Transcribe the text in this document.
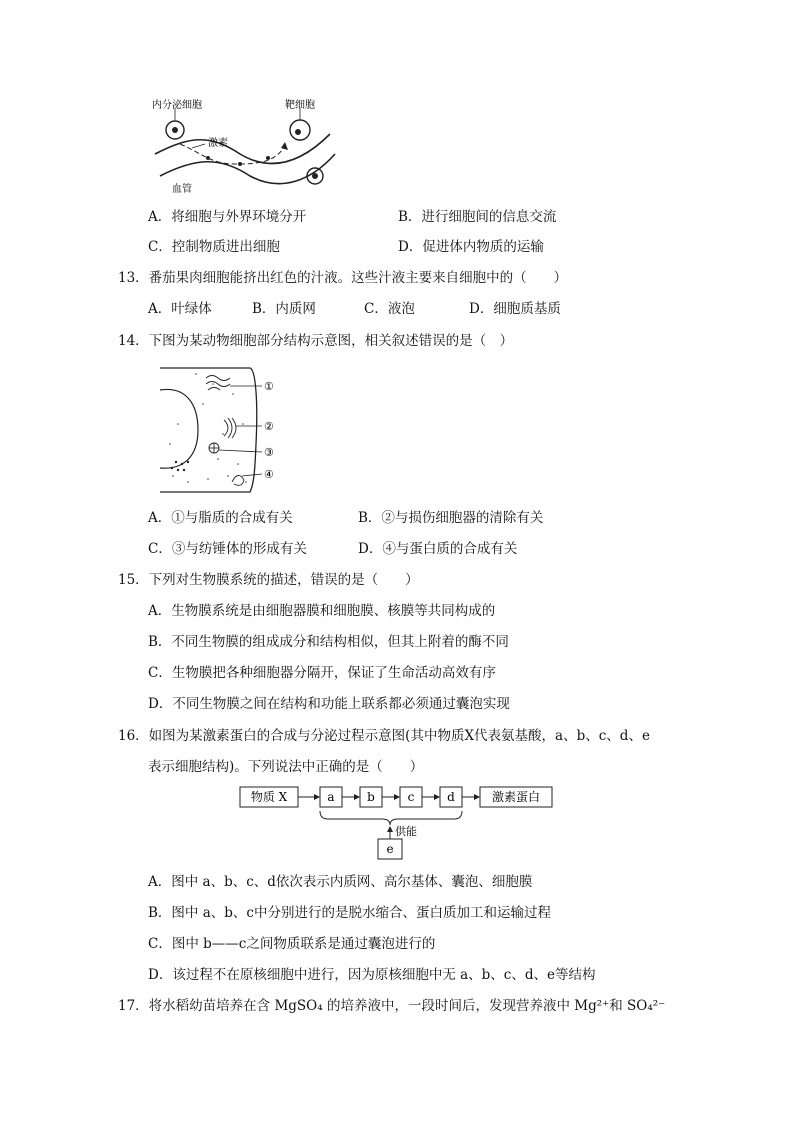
内分泌细胞	靶细胞
激素
血管
A．将细胞与外界环境分开	B．进行细胞间的信息交流
C．控制物质进出细胞	D．促进体内物质的运输
13．番茄果肉细胞能挤出红色的汁液。这些汁液主要来自细胞中的（　　）
A．叶绿体	B．内质网	C．液泡	D．细胞质基质
14．下图为某动物细胞部分结构示意图，相关叙述错误的是（　）
①
②
③
④
A．①与脂质的合成有关	B．②与损伤细胞器的清除有关
C．③与纺锤体的形成有关	D．④与蛋白质的合成有关
15．下列对生物膜系统的描述，错误的是（　　）
A．生物膜系统是由细胞器膜和细胞膜、核膜等共同构成的
B．不同生物膜的组成成分和结构相似，但其上附着的酶不同
C．生物膜把各种细胞器分隔开，保证了生命活动高效有序
D．不同生物膜之间在结构和功能上联系都必须通过囊泡实现
16．如图为某激素蛋白的合成与分泌过程示意图(其中物质X代表氨基酸，a、b、c、d、e
表示细胞结构)。下列说法中正确的是（　　）
物质 X	a	b	c	d	激素蛋白
供能
e
A．图中 a、b、c、d依次表示内质网、高尔基体、囊泡、细胞膜
B．图中 a、b、c中分别进行的是脱水缩合、蛋白质加工和运输过程
C．图中 b——c之间物质联系是通过囊泡进行的
D．该过程不在原核细胞中进行，因为原核细胞中无 a、b、c、d、e等结构
17．将水稻幼苗培养在含 MgSO₄ 的培养液中，一段时间后，发现营养液中 Mg²⁺和 SO₄²⁻
